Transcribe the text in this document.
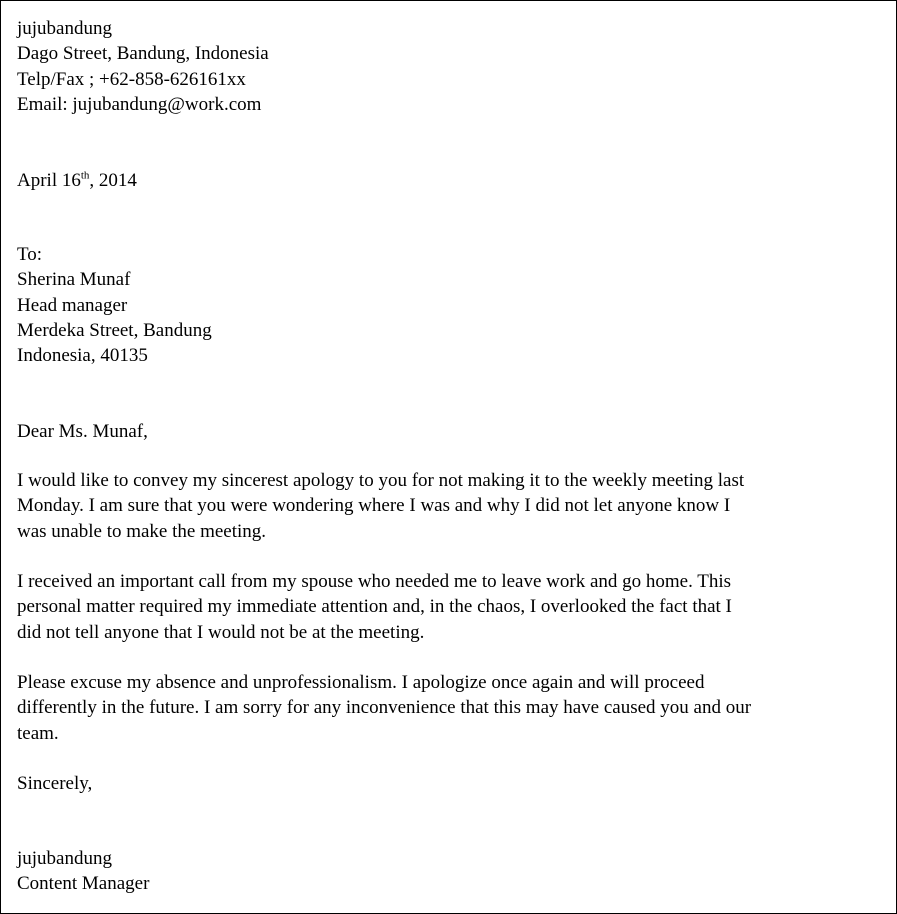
jujubandung
Dago Street, Bandung, Indonesia
Telp/Fax ; +62-858-626161xx
Email: jujubandung@work.com
April 16th, 2014
To:
Sherina Munaf
Head manager
Merdeka Street, Bandung
Indonesia, 40135
Dear Ms. Munaf,
I would like to convey my sincerest apology to you for not making it to the weekly meeting last
Monday. I am sure that you were wondering where I was and why I did not let anyone know I
was unable to make the meeting.
I received an important call from my spouse who needed me to leave work and go home. This
personal matter required my immediate attention and, in the chaos, I overlooked the fact that I
did not tell anyone that I would not be at the meeting.
Please excuse my absence and unprofessionalism. I apologize once again and will proceed
differently in the future. I am sorry for any inconvenience that this may have caused you and our
team.
Sincerely,
jujubandung
Content Manager
